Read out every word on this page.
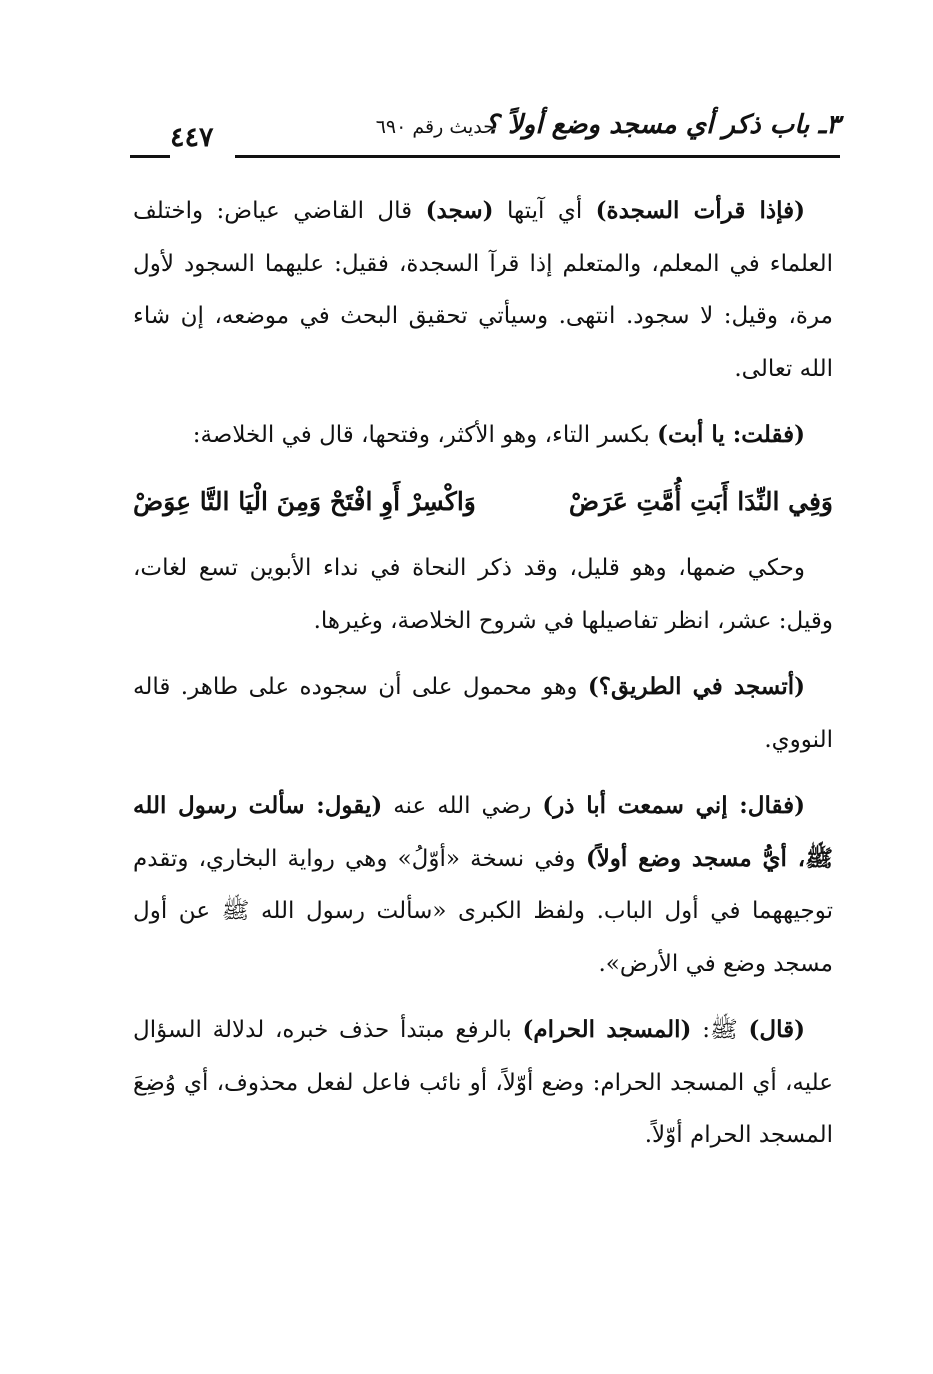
٣ـ باب ذكر أي مسجد وضع أولاً ؟
حديث رقم ٦٩٠
٤٤٧

(فإذا قرأت السجدة) أي آيتها (سجد) قال القاضي عياض: واختلف العلماء في المعلم، والمتعلم إذا قرآ السجدة، فقيل: عليهما السجود لأول مرة، وقيل: لا سجود. انتهى. وسيأتي تحقيق البحث في موضعه، إن شاء الله تعالى.

(فقلت: يا أبت) بكسر التاء، وهو الأكثر، وفتحها، قال في الخلاصة:

وَفِي النِّدَا أَبَتِ أُمَّتِ عَرَضْ
وَاكْسِرْ أَوِ افْتَحْ وَمِنَ الْيَا التَّا عِوَضْ

وحكي ضمها، وهو قليل، وقد ذكر النحاة في نداء الأبوين تسع لغات، وقيل: عشر، انظر تفاصيلها في شروح الخلاصة، وغيرها.

(أتسجد في الطريق؟) وهو محمول على أن سجوده على طاهر. قاله النووي.

(فقال: إني سمعت أبا ذر) رضي الله عنه (يقول: سألت رسول الله ﷺ، أيُّ مسجد وضع أولاً) وفي نسخة «أوّلُ» وهي رواية البخاري، وتقدم توجيههما في أول الباب. ولفظ الكبرى «سألت رسول الله ﷺ عن أول مسجد وضع في الأرض».

(قال) ﷺ: (المسجد الحرام) بالرفع مبتدأ حذف خبره، لدلالة السؤال عليه، أي المسجد الحرام: وضع أوّلاً، أو نائب فاعل لفعل محذوف، أي وُضِعَ المسجد الحرام أوّلاً.
